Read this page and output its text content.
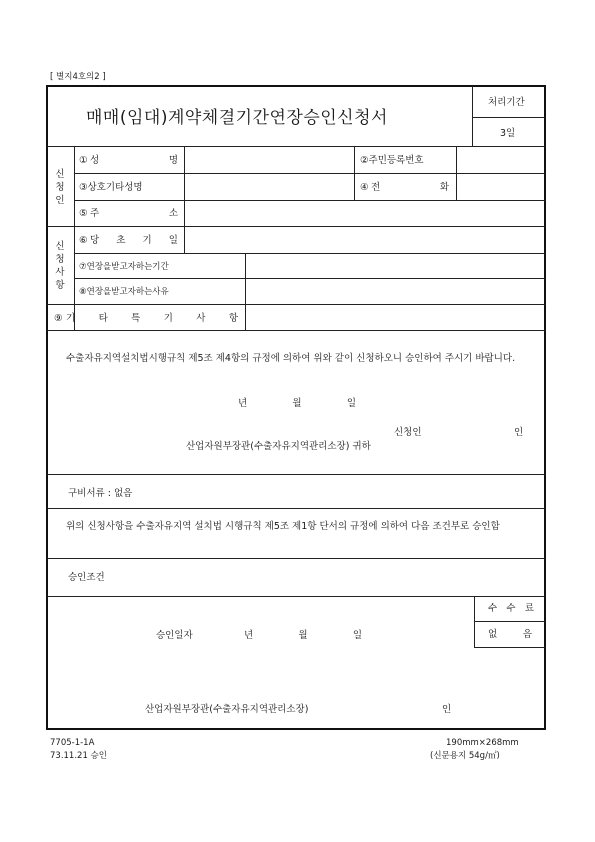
[ 별지4호의2 ]
매매(임대)계약체결기간연장승인신청서
처리기간
3일
신
청
인
① 성	명	②주민등록번호
③상호기타성명	④ 전	화
⑤ 주	소
신
청
사
항
⑥ 당 초 기 일
⑦연장을받고자하는기간
⑧연장을받고자하는사유
⑨ 기 타 특 기 사 항
수출자유지역설치법시행규칙 제5조 제4항의 규정에 의하여 위와 같이 신청하오니 승인하여 주시기 바랍니다.
년	월	일
신청인	인
산업자원부장관(수출자유지역관리소장) 귀하
구비서류 : 없음
위의 신청사항을 수출자유지역 설치법 시행규칙 제5조 제1항 단서의 규정에 의하여 다음 조건부로 승인함
승인조건
수 수 료
없	음
승인일자	년	월	일
산업자원부장관(수출자유지역관리소장)	인
7705-1-1A
73.11.21 승인
190mm×268mm
(신문용지 54g/㎡)
